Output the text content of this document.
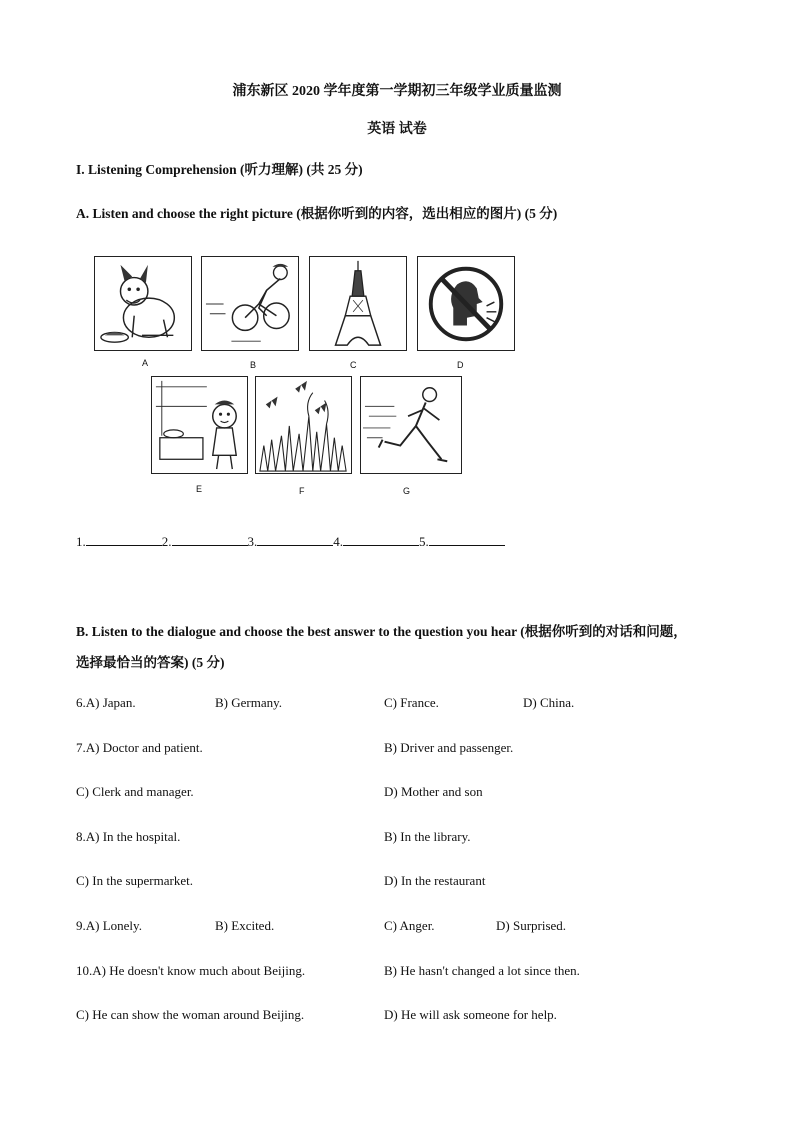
浦东新区 2020 学年度第一学期初三年级学业质量监测
英语 试卷
I. Listening Comprehension (听力理解) (共 25 分)
A. Listen and choose the right picture (根据你听到的内容，选出相应的图片) (5 分)
A	B	C	D
E	F	G
1.	2.	3.	4.	5.
B. Listen to the dialogue and choose the best answer to the question you hear (根据你听到的对话和问题，
选择最恰当的答案) (5 分)
6.A) Japan.	B) Germany.	C) France.	D) China.
7.A) Doctor and patient.	B) Driver and passenger.
C) Clerk and manager.	D) Mother and son
8.A) In the hospital.	B) In the library.
C) In the supermarket.	D) In the restaurant
9.A) Lonely.	B) Excited.	C) Anger.	D) Surprised.
10.A) He doesn't know much about Beijing.	B) He hasn't changed a lot since then.
C) He can show the woman around Beijing.	D) He will ask someone for help.
